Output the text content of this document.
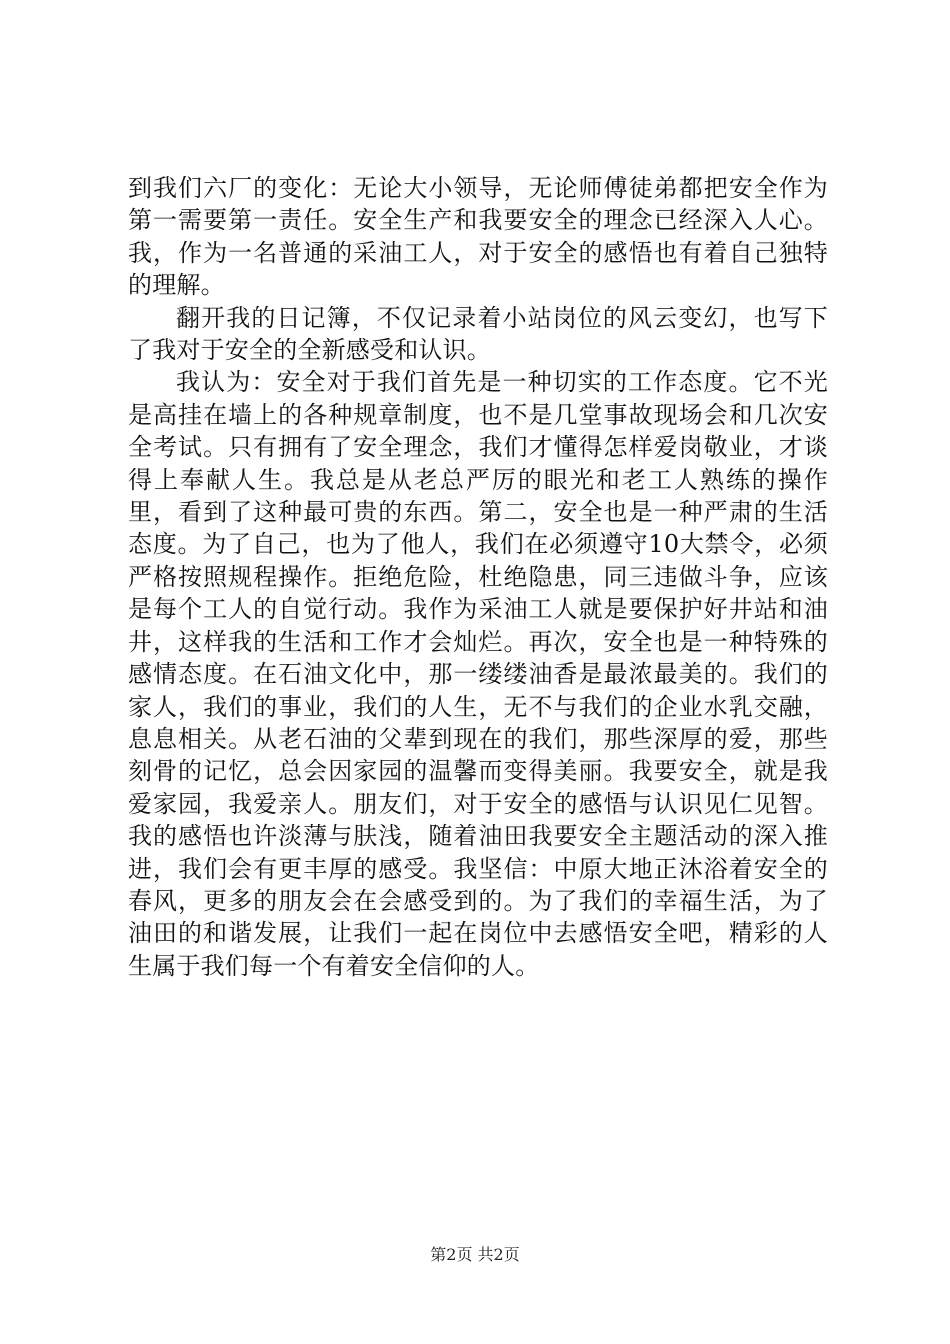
到我们六厂的变化：无论大小领导，无论师傅徒弟都把安全作为第一需要第一责任。安全生产和我要安全的理念已经深入人心。我，作为一名普通的采油工人，对于安全的感悟也有着自己独特的理解。

翻开我的日记簿，不仅记录着小站岗位的风云变幻，也写下了我对于安全的全新感受和认识。

我认为：安全对于我们首先是一种切实的工作态度。它不光是高挂在墙上的各种规章制度，也不是几堂事故现场会和几次安全考试。只有拥有了安全理念，我们才懂得怎样爱岗敬业，才谈得上奉献人生。我总是从老总严厉的眼光和老工人熟练的操作里，看到了这种最可贵的东西。第二，安全也是一种严肃的生活态度。为了自己，也为了他人，我们在必须遵守10大禁令，必须严格按照规程操作。拒绝危险，杜绝隐患，同三违做斗争，应该是每个工人的自觉行动。我作为采油工人就是要保护好井站和油井，这样我的生活和工作才会灿烂。再次，安全也是一种特殊的感情态度。在石油文化中，那一缕缕油香是最浓最美的。我们的家人，我们的事业，我们的人生，无不与我们的企业水乳交融，息息相关。从老石油的父辈到现在的我们，那些深厚的爱，那些刻骨的记忆，总会因家园的温馨而变得美丽。我要安全，就是我爱家园，我爱亲人。朋友们，对于安全的感悟与认识见仁见智。我的感悟也许淡薄与肤浅，随着油田我要安全主题活动的深入推进，我们会有更丰厚的感受。我坚信：中原大地正沐浴着安全的春风，更多的朋友会在会感受到的。为了我们的幸福生活，为了油田的和谐发展，让我们一起在岗位中去感悟安全吧，精彩的人生属于我们每一个有着安全信仰的人。

第2页 共2页
